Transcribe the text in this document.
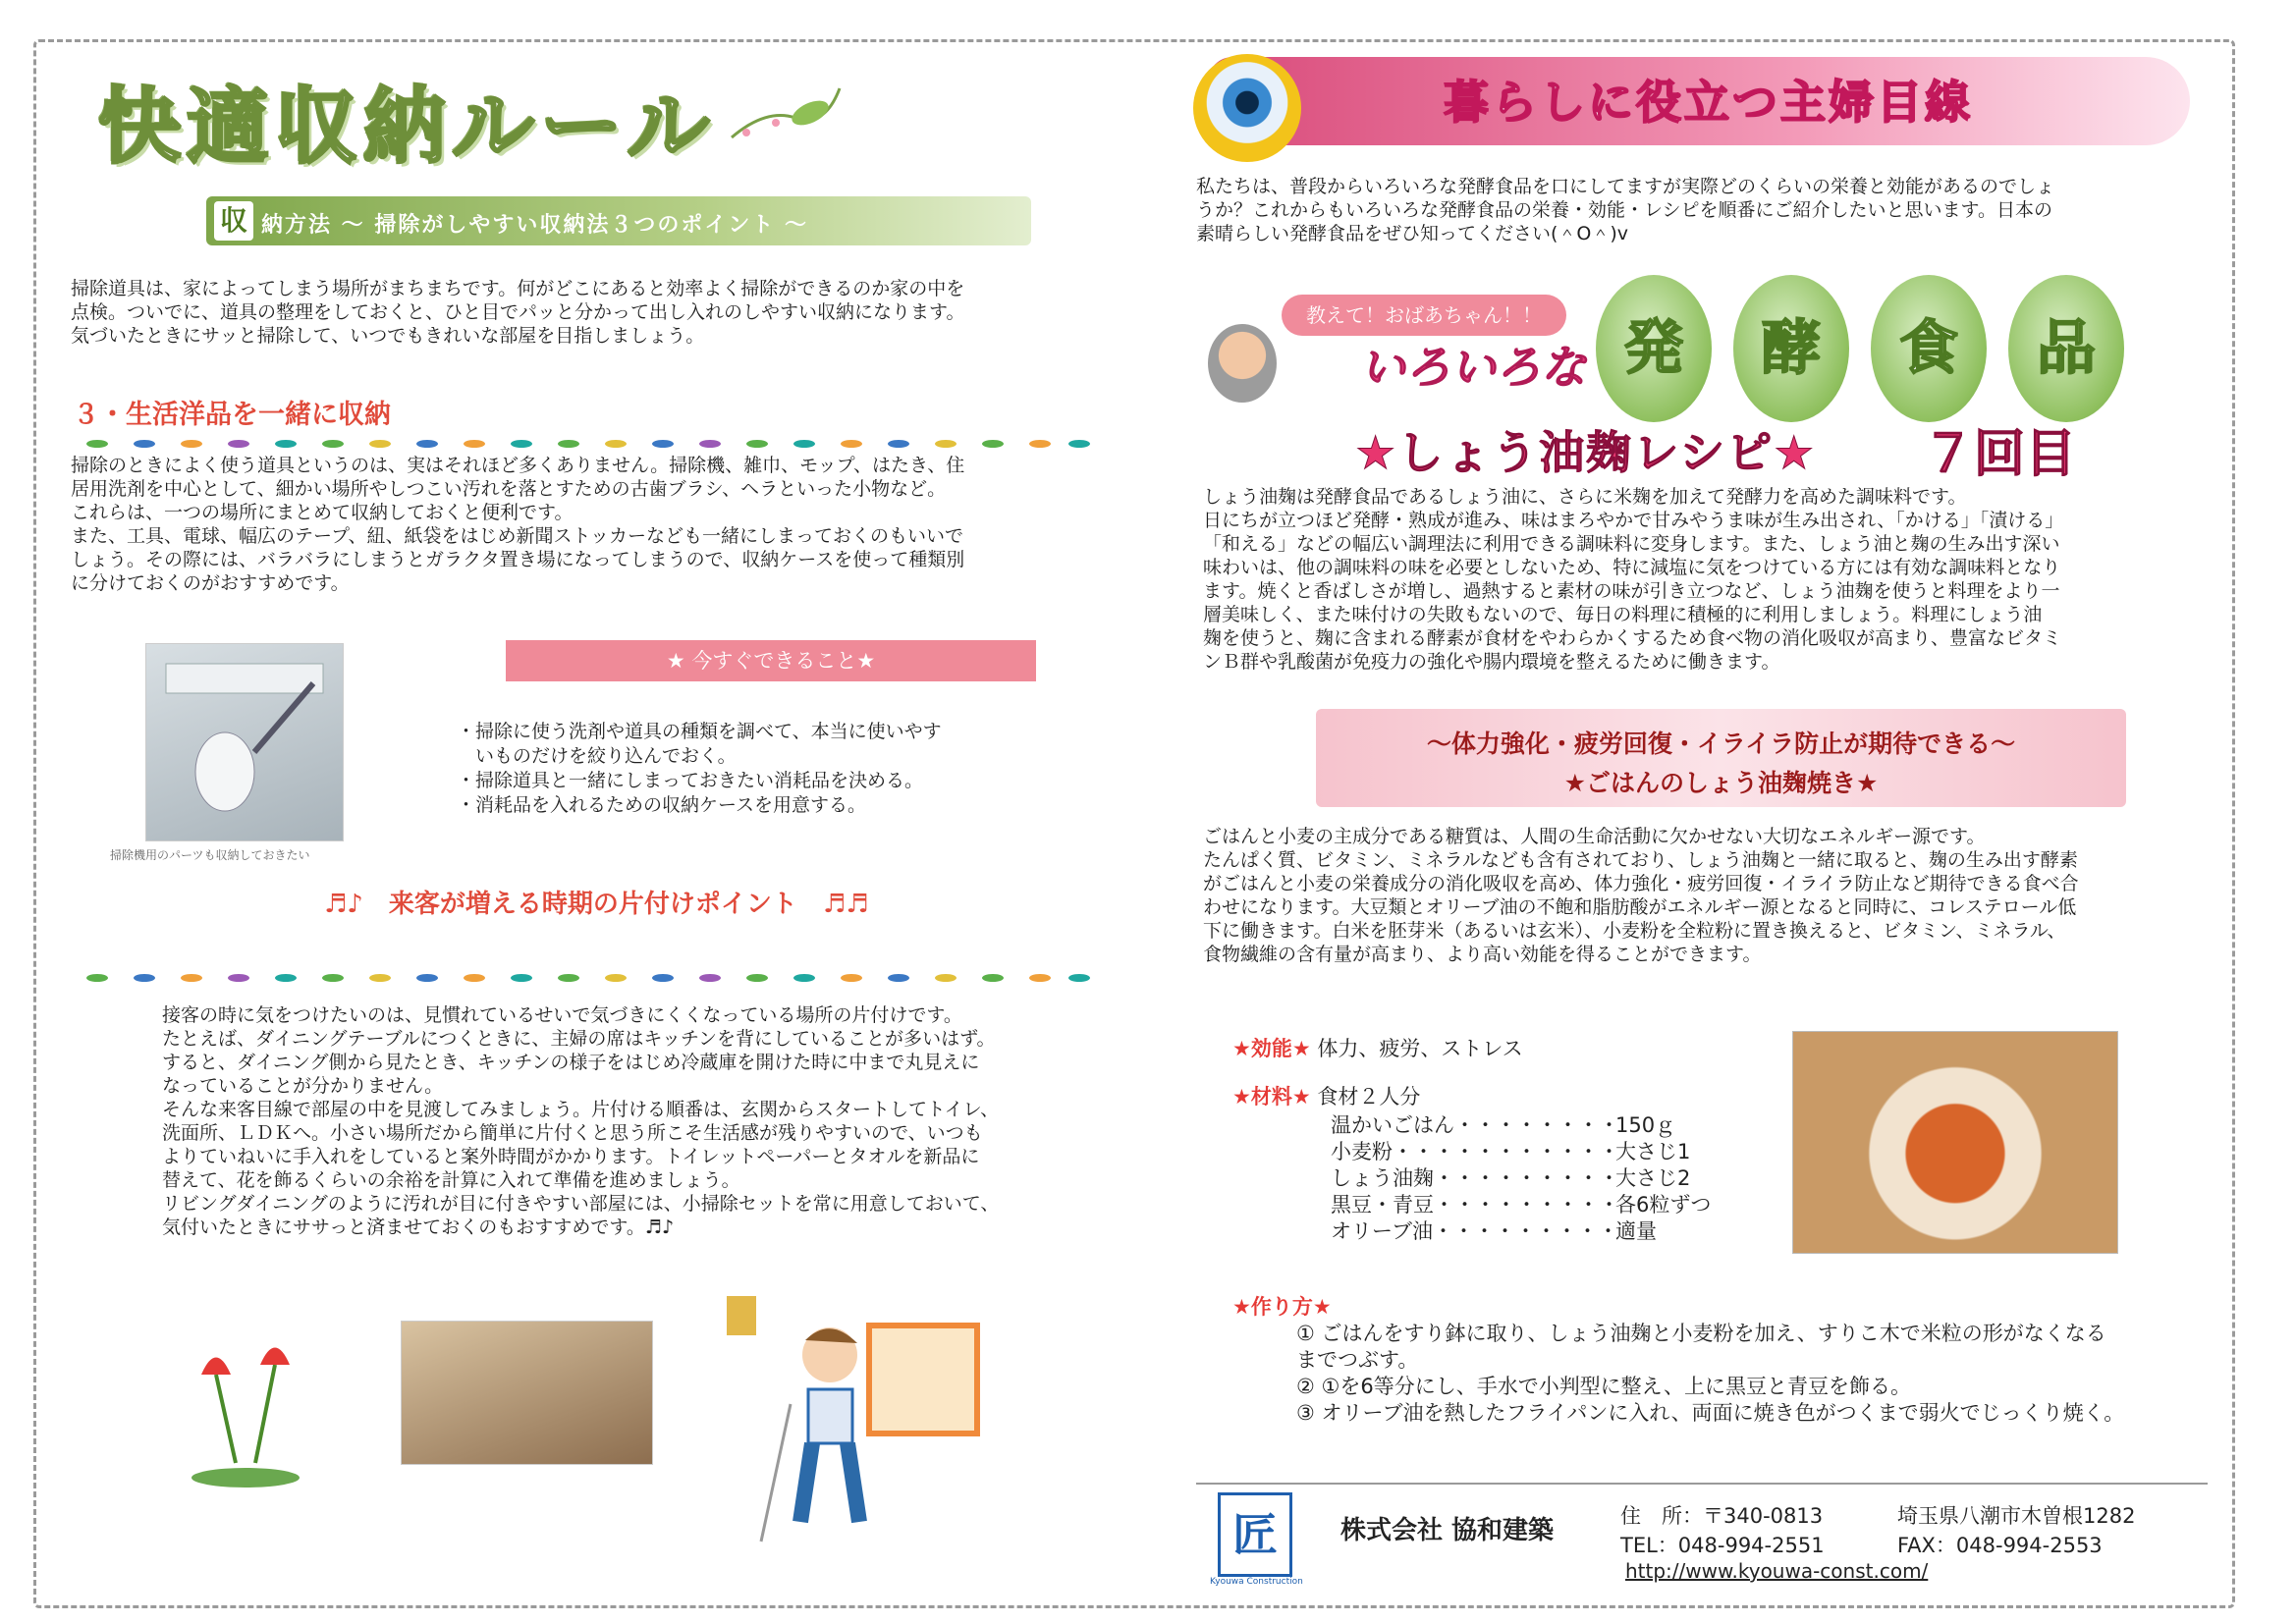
快適収納ルール
収 納方法 ～ 掃除がしやすい収納法３つのポイント ～
掃除道具は、家によってしまう場所がまちまちです。何がどこにあると効率よく掃除ができるのか家の中を
点検。ついでに、道具の整理をしておくと、ひと目でパッと分かって出し入れのしやすい収納になります。
気づいたときにサッと掃除して、いつでもきれいな部屋を目指しましょう。
３・生活洋品を一緒に収納
掃除のときによく使う道具というのは、実はそれほど多くありません。掃除機、雑巾、モップ、はたき、住
居用洗剤を中心として、細かい場所やしつこい汚れを落とすための古歯ブラシ、ヘラといった小物など。
これらは、一つの場所にまとめて収納しておくと便利です。
また、工具、電球、幅広のテープ、紐、紙袋をはじめ新聞ストッカーなども一緒にしまっておくのもいいで
しょう。その際には、バラバラにしまうとガラクタ置き場になってしまうので、収納ケースを使って種類別
に分けておくのがおすすめです。
掃除機用のパーツも収納しておきたい
★ 今すぐできること★
・掃除に使う洗剤や道具の種類を調べて、本当に使いやす
　いものだけを絞り込んでおく。
・掃除道具と一緒にしまっておきたい消耗品を決める。
・消耗品を入れるための収納ケースを用意する。
♬♪　来客が増える時期の片付けポイント　♬♬
接客の時に気をつけたいのは、見慣れているせいで気づきにくくなっている場所の片付けです。
たとえば、ダイニングテーブルにつくときに、主婦の席はキッチンを背にしていることが多いはず。
すると、ダイニング側から見たとき、キッチンの様子をはじめ冷蔵庫を開けた時に中まで丸見えに
なっていることが分かりません。
そんな来客目線で部屋の中を見渡してみましょう。片付ける順番は、玄関からスタートしてトイレ、
洗面所、ＬＤＫへ。小さい場所だから簡単に片付くと思う所こそ生活感が残りやすいので、いつも
よりていねいに手入れをしていると案外時間がかかります。トイレットペーパーとタオルを新品に
替えて、花を飾るくらいの余裕を計算に入れて準備を進めましょう。
リビングダイニングのように汚れが目に付きやすい部屋には、小掃除セットを常に用意しておいて、
気付いたときにササっと済ませておくのもおすすめです。♬♪
暮らしに役立つ主婦目線
私たちは、普段からいろいろな発酵食品を口にしてますが実際どのくらいの栄養と効能があるのでしょ
うか？これからもいろいろな発酵食品の栄養・効能・レシピを順番にご紹介したいと思います。日本の
素晴らしい発酵食品をぜひ知ってください(＾O＾)v
教えて！おばあちゃん！！
いろいろな 発	酵	食	品
★しょう油麹レシピ★ ７回目
しょう油麹は発酵食品であるしょう油に、さらに米麹を加えて発酵力を高めた調味料です。
日にちが立つほど発酵・熟成が進み、味はまろやかで甘みやうま味が生み出され、「かける」「漬ける」
「和える」などの幅広い調理法に利用できる調味料に変身します。また、しょう油と麹の生み出す深い
味わいは、他の調味料の味を必要としないため、特に減塩に気をつけている方には有効な調味料となり
ます。焼くと香ばしさが増し、過熱すると素材の味が引き立つなど、しょう油麹を使うと料理をより一
層美味しく、また味付けの失敗もないので、毎日の料理に積極的に利用しましょう。料理にしょう油
麹を使うと、麹に含まれる酵素が食材をやわらかくするため食べ物の消化吸収が高まり、豊富なビタミ
ンＢ群や乳酸菌が免疫力の強化や腸内環境を整えるために働きます。
～体力強化・疲労回復・イライラ防止が期待できる～
★ごはんのしょう油麹焼き★
ごはんと小麦の主成分である糖質は、人間の生命活動に欠かせない大切なエネルギー源です。
たんぱく質、ビタミン、ミネラルなども含有されており、しょう油麹と一緒に取ると、麹の生み出す酵素
がごはんと小麦の栄養成分の消化吸収を高め、体力強化・疲労回復・イライラ防止など期待できる食べ合
わせになります。大豆類とオリーブ油の不飽和脂肪酸がエネルギー源となると同時に、コレステロール低
下に働きます。白米を胚芽米（あるいは玄米）、小麦粉を全粒粉に置き換えると、ビタミン、ミネラル、
食物繊維の含有量が高まり、より高い効能を得ることができます。
★効能★ 体力、疲労、ストレス
★材料★ 食材２人分
温かいごはん・・・・・・・・150ｇ
小麦粉・・・・・・・・・・・大さじ1
しょう油麹・・・・・・・・・大さじ2
黒豆・青豆・・・・・・・・・各6粒ずつ
オリーブ油・・・・・・・・・適量
★作り方★
① ごはんをすり鉢に取り、しょう油麹と小麦粉を加え、すりこ木で米粒の形がなくなる
までつぶす。
② ①を6等分にし、手水で小判型に整え、上に黒豆と青豆を飾る。
③ オリーブ油を熱したフライパンに入れ、両面に焼き色がつくまで弱火でじっくり焼く。
匠
Kyouwa Construction
株式会社 協和建築	住　所：〒340-0813	埼玉県八潮市木曽根1282
TEL：048-994-2551	FAX：048-994-2553
http://www.kyouwa-const.com/
